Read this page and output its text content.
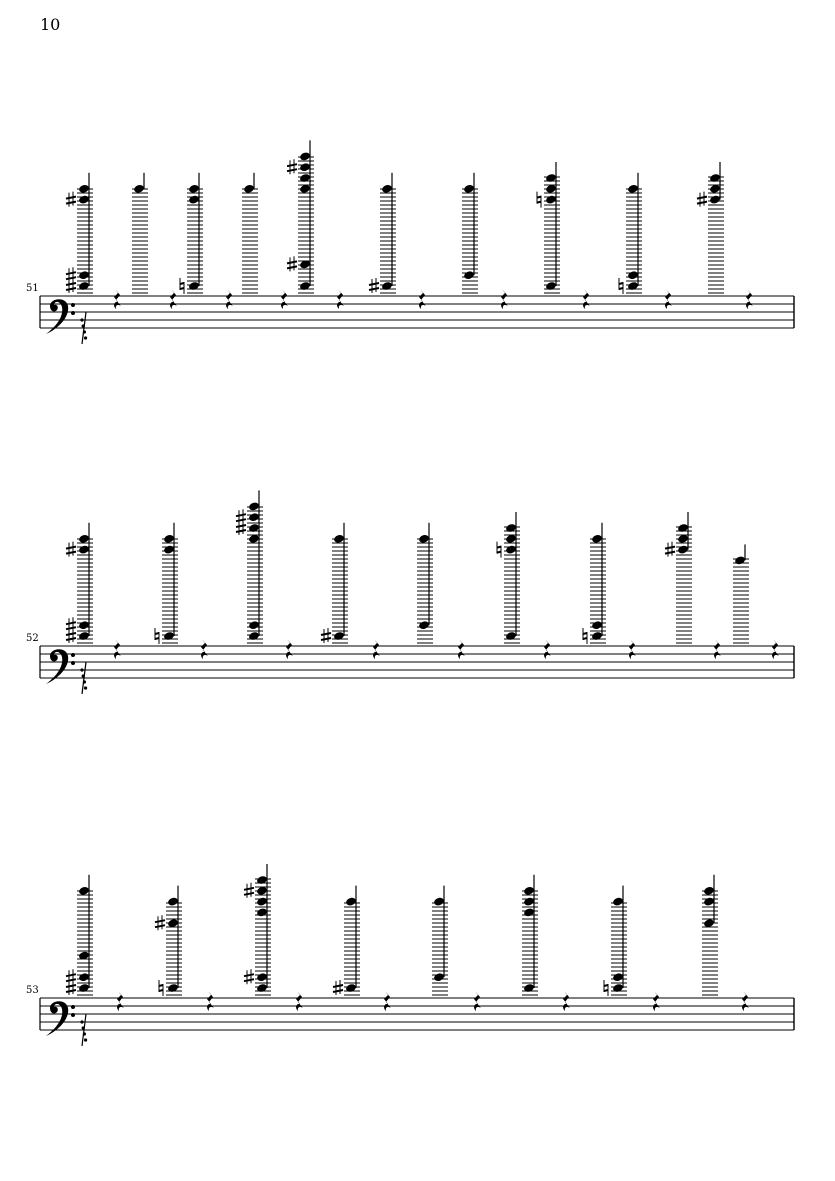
10
51
52
53
